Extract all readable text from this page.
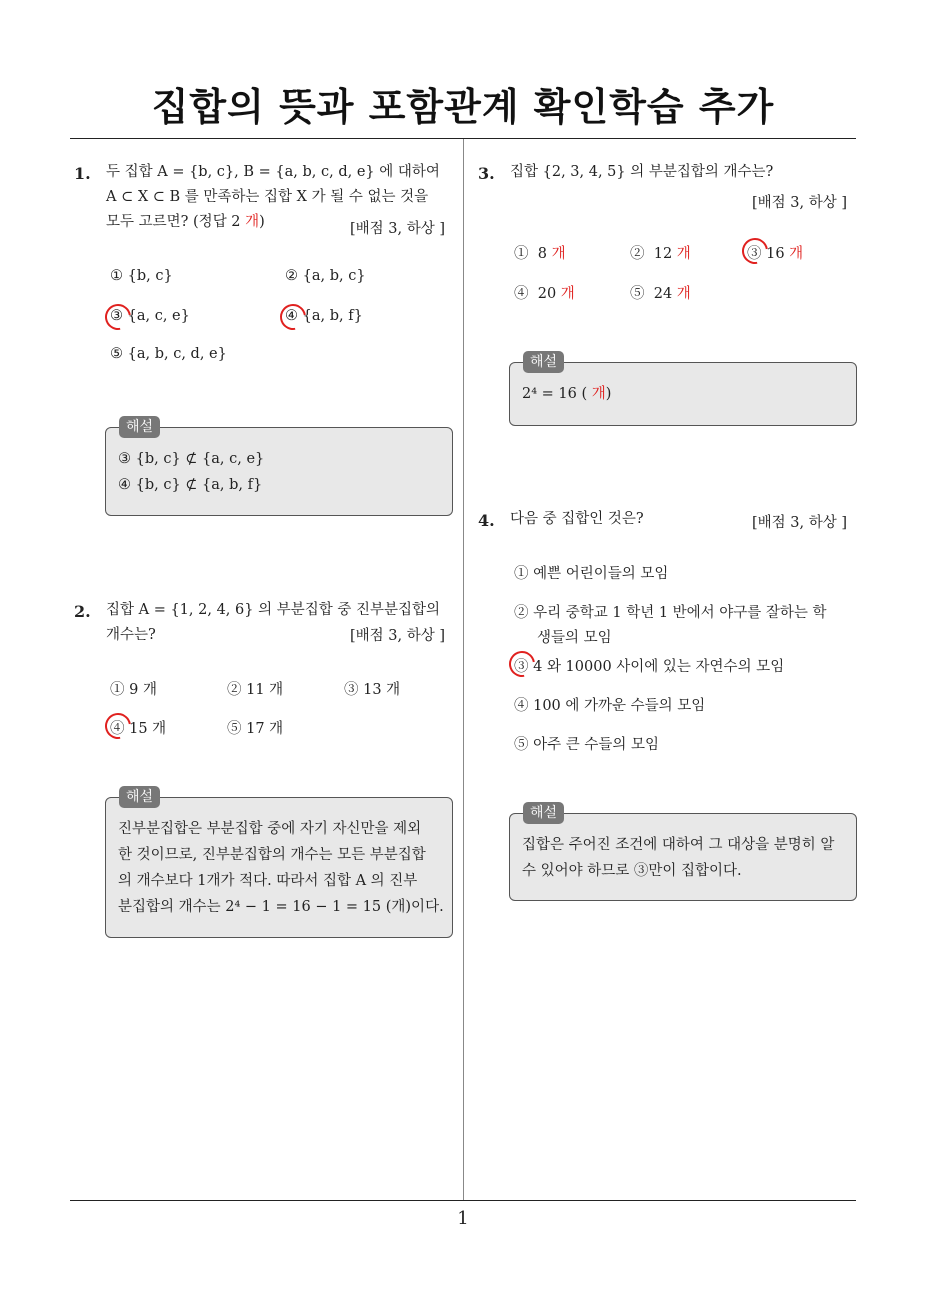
집합의 뜻과 포함관계 확인학습 추가
1. 두 집합 A = {b, c}, B = {a, b, c, d, e} 에 대하여
A ⊂ X ⊂ B 를 만족하는 집합 X 가 될 수 없는 것을
모두 고르면? (정답 2 개)	[배점 3, 하상 ]
① {b, c}	② {a, b, c}
③ {a, c, e}	④ {a, b, f}
⑤ {a, b, c, d, e}
해설
③ {b, c} ⊄ {a, c, e}
④ {b, c} ⊄ {a, b, f}
2. 집합 A = {1, 2, 4, 6} 의 부분집합 중 진부분집합의
개수는?	[배점 3, 하상 ]
① 9 개	② 11 개	③ 13 개
④ 15 개	⑤ 17 개
해설
진부분집합은 부분집합 중에 자기 자신만을 제외
한 것이므로, 진부분집합의 개수는 모든 부분집합
의 개수보다 1개가 적다. 따라서 집합 A 의 진부
분집합의 개수는 2⁴ − 1 = 16 − 1 = 15 (개)이다.
3. 집합 {2, 3, 4, 5} 의 부분집합의 개수는?
[배점 3, 하상 ]
① 8 개	② 12 개	③ 16 개
④ 20 개	⑤ 24 개
해설
2⁴ = 16 ( 개)
4. 다음 중 집합인 것은?	[배점 3, 하상 ]
① 예쁜 어린이들의 모임
② 우리 중학교 1 학년 1 반에서 야구를 잘하는 학
생들의 모임
③ 4 와 10000 사이에 있는 자연수의 모임
④ 100 에 가까운 수들의 모임
⑤ 아주 큰 수들의 모임
해설
집합은 주어진 조건에 대하여 그 대상을 분명히 알
수 있어야 하므로 ③만이 집합이다.
1
